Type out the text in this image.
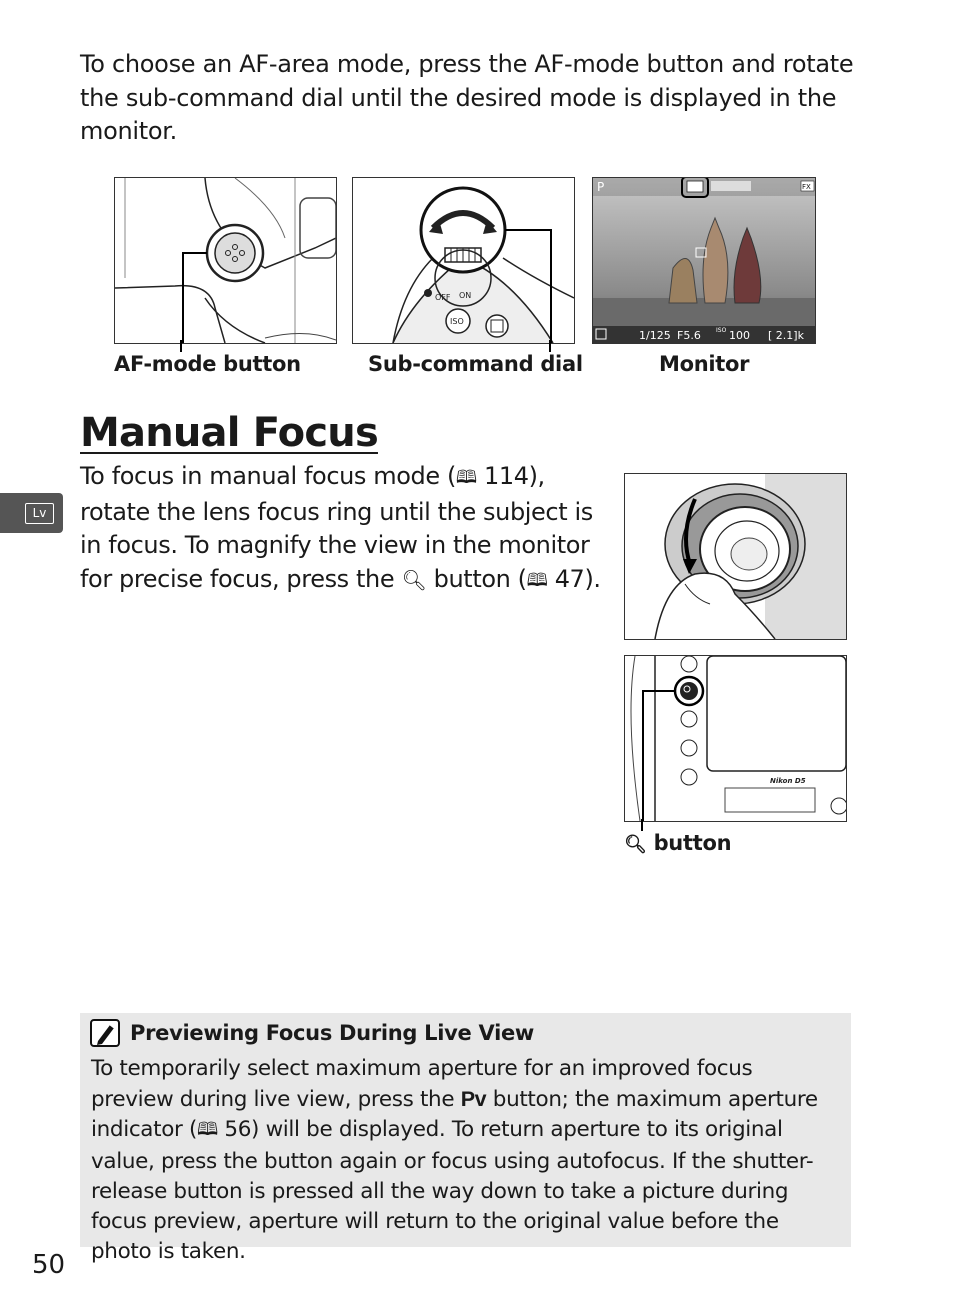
To choose an AF-area mode, press the AF-mode button and rotate the sub-command dial until the desired mode is displayed in the monitor.
AF-mode button
OFF ON
ISO
Sub-command dial
P	FX
1/125 F5.6	ISO 100 [ 2.1]k
Monitor
Manual Focus
To focus in manual focus mode (🕮 114), rotate the lens focus ring until the subject is in focus. To magnify the view in the monitor for precise focus, press the 🔍︎ button (🕮 47).
Lv
Nikon D5
🔍︎ button
Previewing Focus During Live View
To temporarily select maximum aperture for an improved focus preview during live view, press the Pv button; the maximum aperture indicator (🕮 56) will be displayed. To return aperture to its original value, press the button again or focus using autofocus. If the shutter-release button is pressed all the way down to take a picture during focus preview, aperture will return to the original value before the photo is taken.
50
